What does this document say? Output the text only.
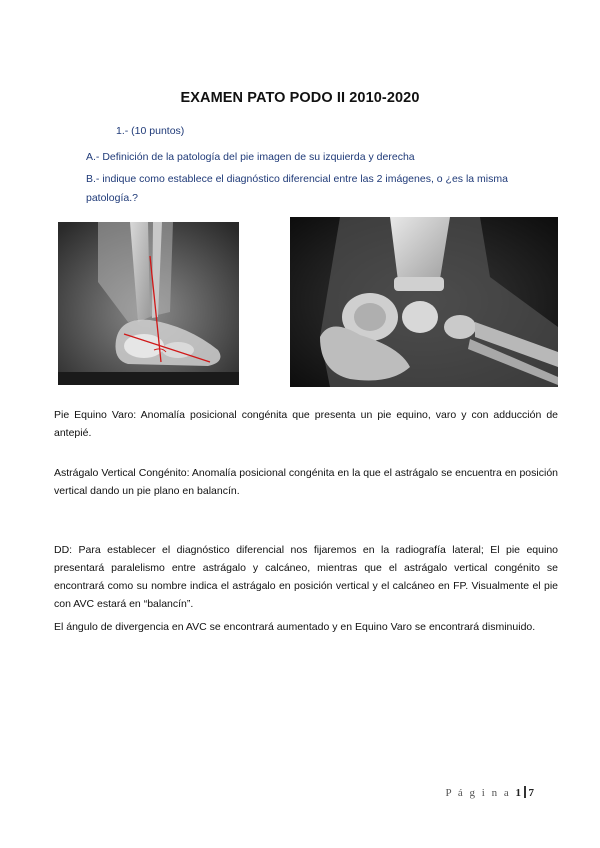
EXAMEN PATO PODO II 2010-2020
1.- (10 puntos)
A.- Definición de la patología del pie imagen de su izquierda y derecha
B.- indique como establece el diagnóstico diferencial entre las 2 imágenes, o ¿es la misma patología.?
Pie Equino Varo: Anomalía posicional congénita que presenta un pie equino, varo y con adducción de antepié.
Astrágalo Vertical Congénito: Anomalía posicional congénita en la que el astrágalo se encuentra en posición vertical dando un pie plano en balancín.
DD: Para establecer el diagnóstico diferencial nos fijaremos en la radiografía lateral; El pie equino presentará paralelismo entre astrágalo y calcáneo, mientras que el astrágalo vertical congénito se encontrará como su nombre indica el astrágalo en posición vertical y el calcáneo en FP. Visualmente el pie con AVC estará en “balancín”.
El ángulo de divergencia en AVC se encontrará aumentado y en Equino Varo se encontrará disminuido.
P á g i n a 1 7
